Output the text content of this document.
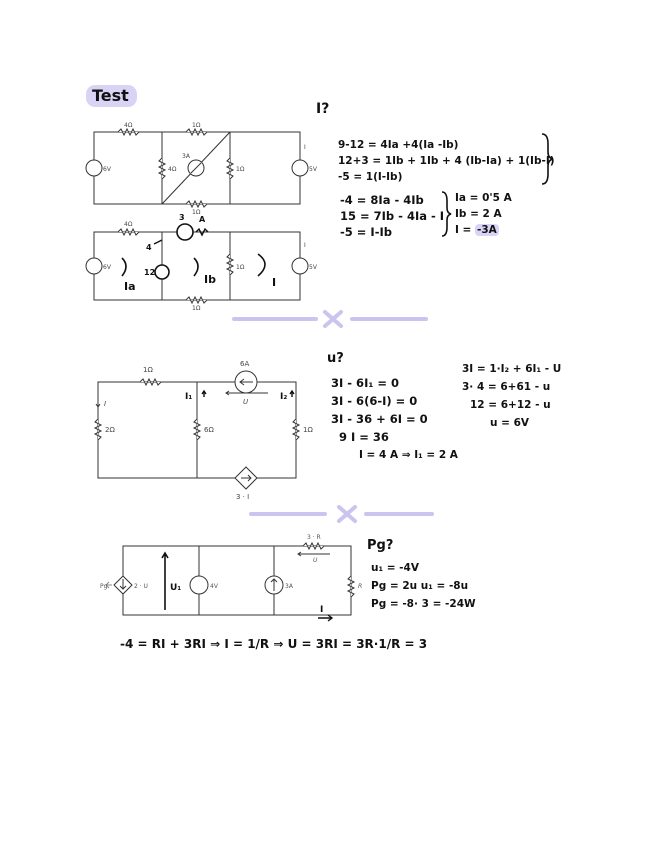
Test
I?
4Ω	1Ω
1Ω
4Ω	1Ω
3A
6V	5V
I
4Ω
1Ω
1Ω
6V	5V
I
3 A
12
4
Ia
Ib	I
9-12 = 4Ia +4(Ia -Ib)
12+3 = 1Ib + 1Ib + 4 (Ib-Ia) + 1(Ib-I)
-5 = 1(I-Ib)
-4 = 8Ia - 4Ib
15 = 7Ib - 4Ia - I
-5 = I-Ib
Ia = 0'5 A
Ib = 2 A
I = -3A
u?
1Ω
6A
U
2Ω	6Ω	1Ω
I
3 · I
I₁	I₂
3I - 6I₁ = 0
3I - 6(6-I) = 0
3I - 36 + 6I = 0
9 I = 36
I = 4 A ⇒ I₁ = 2 A
3I = 1·I₂ + 6I₁ - U
3· 4 = 6+61 - u
12 = 6+12 - u
u = 6V
Pg?
Pg	2 · U	4V	3A
3 · R
U
R
U₁
I
u₁ = -4V
Pg = 2u u₁ = -8u
Pg = -8· 3 = -24W
-4 = RI + 3RI ⇒ I = 1/R ⇒ U = 3RI = 3R·1/R = 3
